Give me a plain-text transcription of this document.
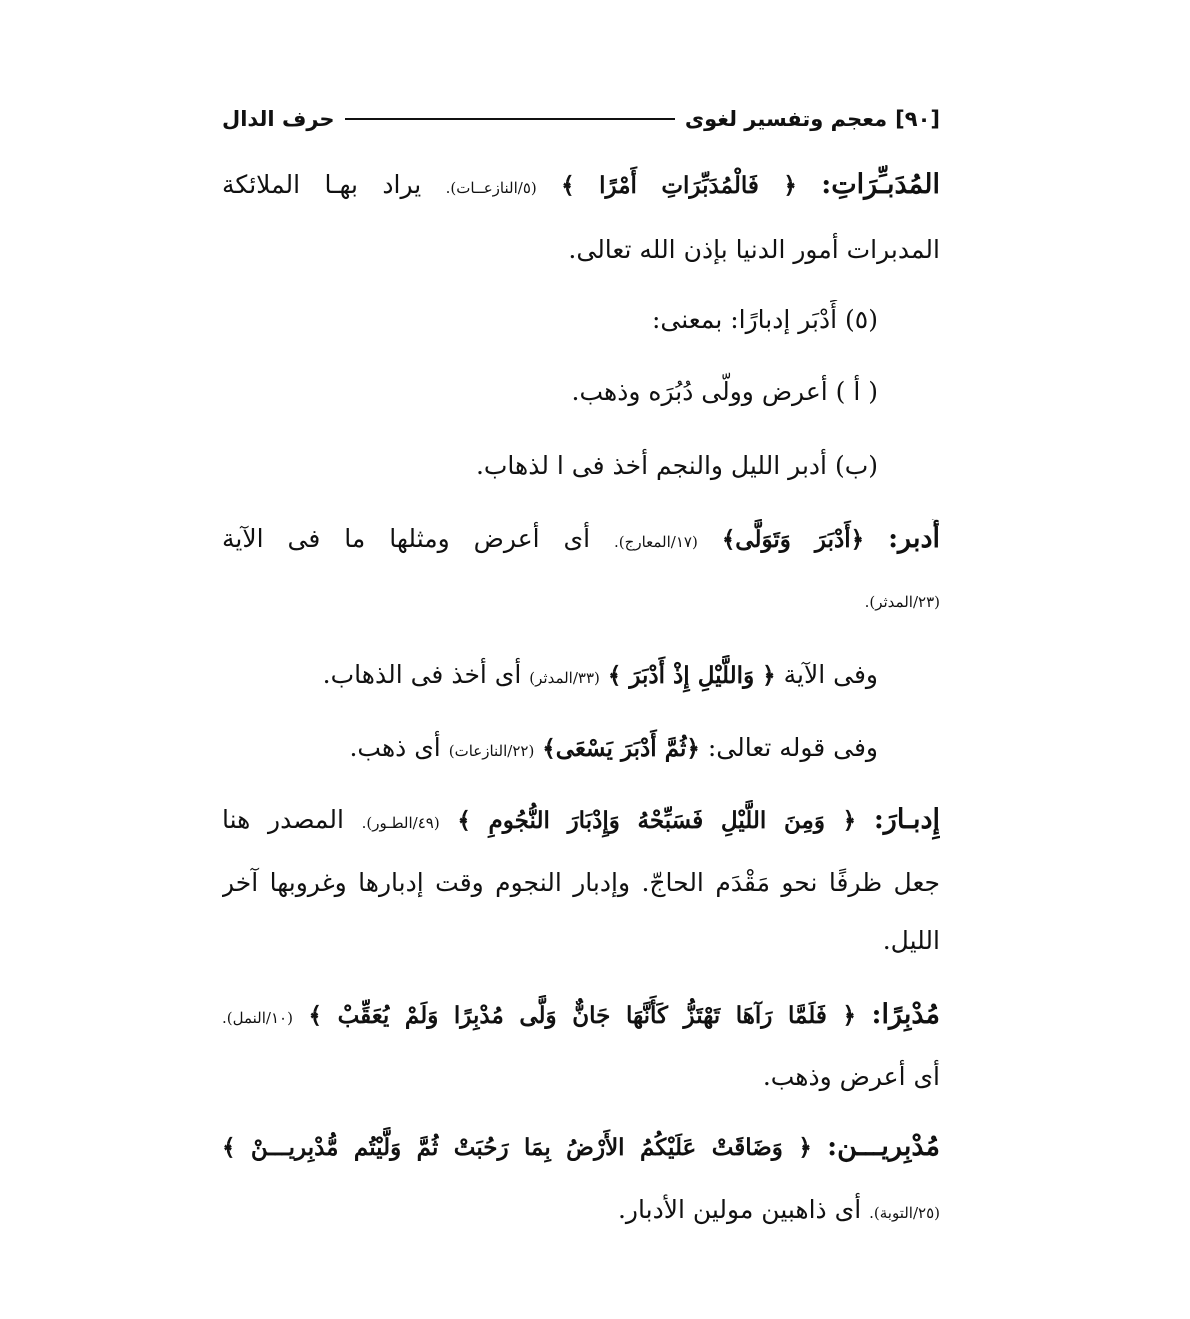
[٩٠]
معجم وتفسير لغوى
حرف الدال
المُدَبـِّرَاتِ: ﴿ فَالْمُدَبِّرَاتِ أَمْرًا ﴾ (٥/النازعــات). يراد بهـا الملائكة
المدبرات أمور الدنيا بإذن الله تعالى.
(٥) أَدْبَر إدبارًا: بمعنى:
( أ ) أعرض وولّى دُبُرَه وذهب.
(ب) أدبر الليل والنجم أخذ فى ا لذهاب.
أَدبر: ﴿أَدْبَرَ وَتَوَلَّى﴾ (١٧/المعارج). أى أعرض ومثلها ما فى الآية
(٢٣/المدثر).
وفى الآية ﴿ وَاللَّيْلِ إِذْ أَدْبَرَ ﴾ (٣٣/المدثر) أى أخذ فى الذهاب.
وفى قوله تعالى: ﴿ثُمَّ أَدْبَرَ يَسْعَى﴾ (٢٢/النازعات) أى ذهب.
إِدبـارَ: ﴿ وَمِنَ اللَّيْلِ فَسَبِّحْهُ وَإِدْبَارَ النُّجُومِ ﴾ (٤٩/الطـور). المصدر هنا
جعل ظرفًا نحو مَقْدَم الحاجّ. وإدبار النجوم وقت إدبارها وغروبها آخر
الليل.
مُدْبِرًا: ﴿ فَلَمَّا رَآهَا تَهْتَزُّ كَأَنَّهَا جَانٌّ وَلَّى مُدْبِرًا وَلَمْ يُعَقِّبْ ﴾ (١٠/النمل).
أى أعرض وذهب.
مُدْبِريـــن: ﴿ وَضَاقَتْ عَلَيْكُمُ الأَرْضُ بِمَا رَحُبَتْ ثُمَّ وَلَّيْتُم مُّدْبِريـــنْ ﴾
(٢٥/التوبة). أى ذاهبين مولين الأدبار.
